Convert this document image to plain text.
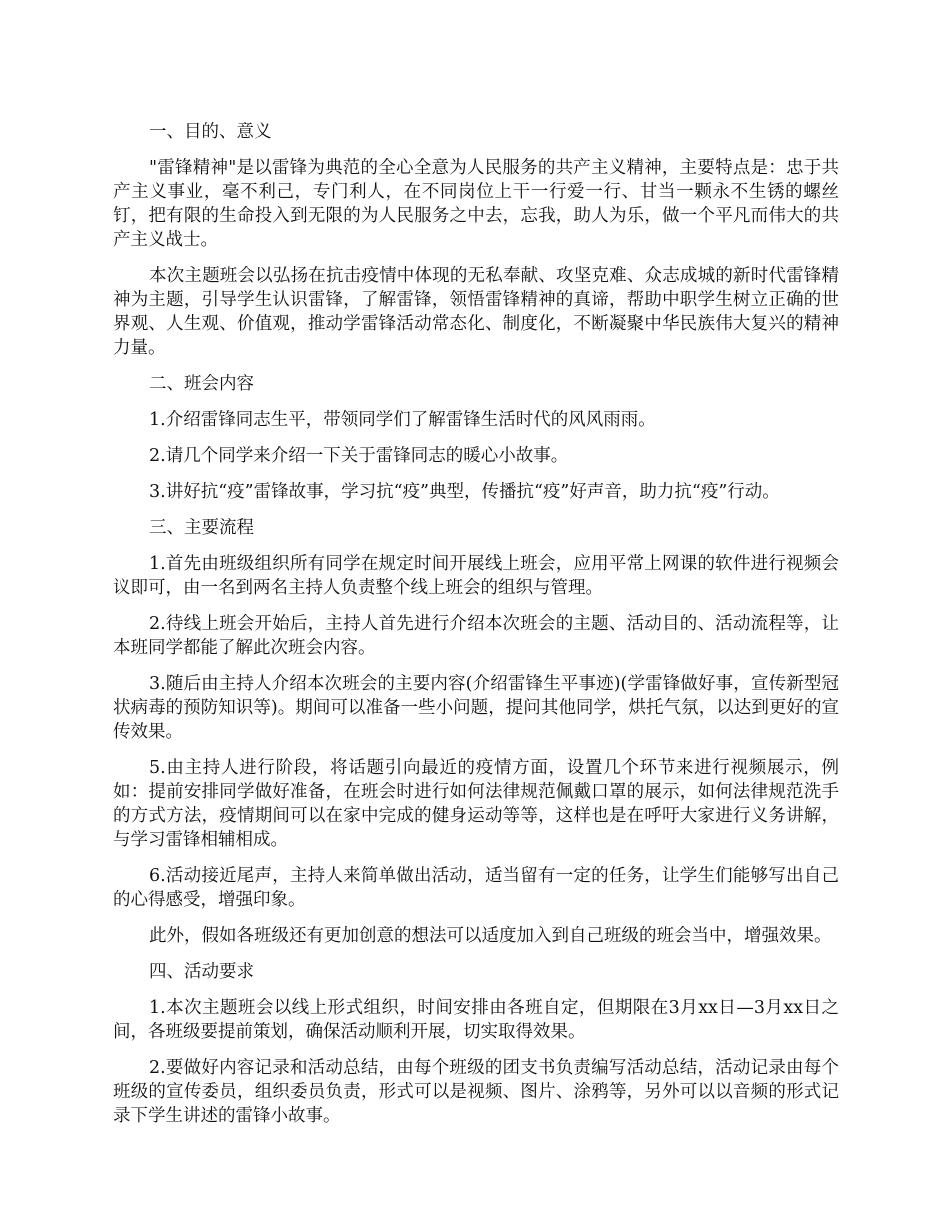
一、目的、意义

"雷锋精神"是以雷锋为典范的全心全意为人民服务的共产主义精神，主要特点是：忠于共产主义事业，毫不利己，专门利人，在不同岗位上干一行爱一行、甘当一颗永不生锈的螺丝钉，把有限的生命投入到无限的为人民服务之中去，忘我，助人为乐，做一个平凡而伟大的共产主义战士。

本次主题班会以弘扬在抗击疫情中体现的无私奉献、攻坚克难、众志成城的新时代雷锋精神为主题，引导学生认识雷锋，了解雷锋，领悟雷锋精神的真谛，帮助中职学生树立正确的世界观、人生观、价值观，推动学雷锋活动常态化、制度化，不断凝聚中华民族伟大复兴的精神力量。

二、班会内容

1.介绍雷锋同志生平，带领同学们了解雷锋生活时代的风风雨雨。

2.请几个同学来介绍一下关于雷锋同志的暖心小故事。

3.讲好抗“疫”雷锋故事，学习抗“疫”典型，传播抗“疫”好声音，助力抗“疫”行动。

三、主要流程

1.首先由班级组织所有同学在规定时间开展线上班会，应用平常上网课的软件进行视频会议即可，由一名到两名主持人负责整个线上班会的组织与管理。

2.待线上班会开始后，主持人首先进行介绍本次班会的主题、活动目的、活动流程等，让本班同学都能了解此次班会内容。

3.随后由主持人介绍本次班会的主要内容(介绍雷锋生平事迹)(学雷锋做好事，宣传新型冠状病毒的预防知识等)。期间可以准备一些小问题，提问其他同学，烘托气氛，以达到更好的宣传效果。

5.由主持人进行阶段，将话题引向最近的疫情方面，设置几个环节来进行视频展示，例如：提前安排同学做好准备，在班会时进行如何法律规范佩戴口罩的展示，如何法律规范洗手的方式方法，疫情期间可以在家中完成的健身运动等等，这样也是在呼吁大家进行义务讲解，与学习雷锋相辅相成。

6.活动接近尾声，主持人来简单做出活动，适当留有一定的任务，让学生们能够写出自己的心得感受，增强印象。

此外，假如各班级还有更加创意的想法可以适度加入到自己班级的班会当中，增强效果。

四、活动要求

1.本次主题班会以线上形式组织，时间安排由各班自定，但期限在3月xx日—3月xx日之间，各班级要提前策划，确保活动顺利开展，切实取得效果。

2.要做好内容记录和活动总结，由每个班级的团支书负责编写活动总结，活动记录由每个班级的宣传委员，组织委员负责，形式可以是视频、图片、涂鸦等，另外可以以音频的形式记录下学生讲述的雷锋小故事。
